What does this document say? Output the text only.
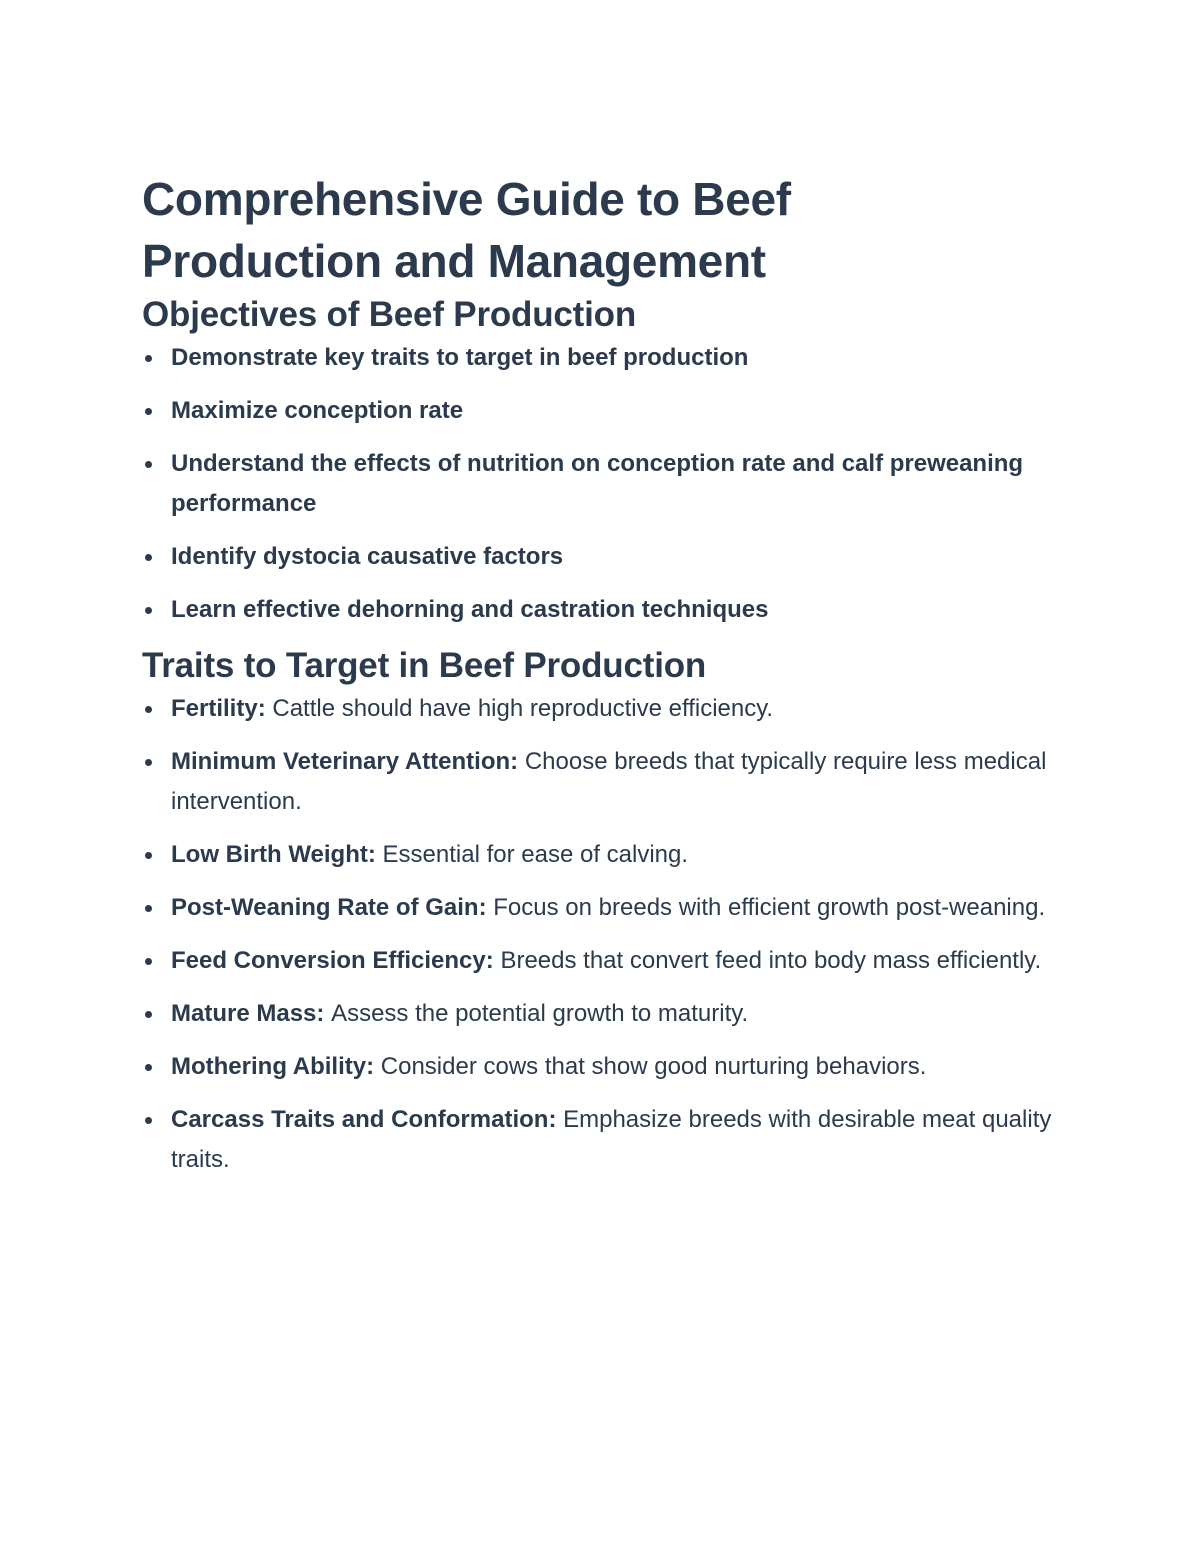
Comprehensive Guide to Beef
Production and Management
Objectives of Beef Production
Demonstrate key traits to target in beef production
Maximize conception rate
Understand the effects of nutrition on conception rate and calf preweaning performance
Identify dystocia causative factors
Learn effective dehorning and castration techniques
Traits to Target in Beef Production
Fertility: Cattle should have high reproductive efficiency.
Minimum Veterinary Attention: Choose breeds that typically require less medical intervention.
Low Birth Weight: Essential for ease of calving.
Post-Weaning Rate of Gain: Focus on breeds with efficient growth post-weaning.
Feed Conversion Efficiency: Breeds that convert feed into body mass efficiently.
Mature Mass: Assess the potential growth to maturity.
Mothering Ability: Consider cows that show good nurturing behaviors.
Carcass Traits and Conformation: Emphasize breeds with desirable meat quality traits.
